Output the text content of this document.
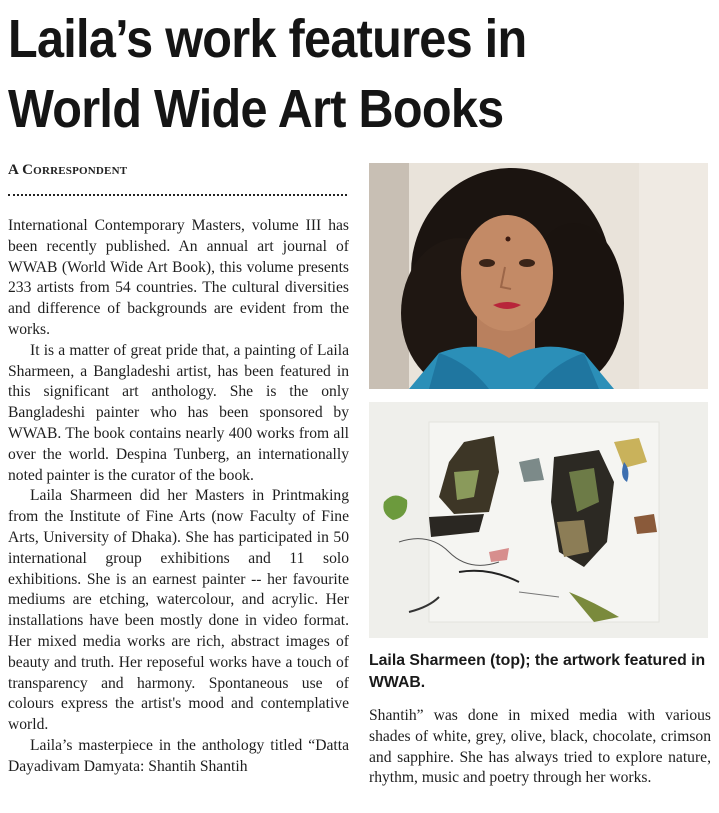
Laila’s work features in World Wide Art Books
A Correspondent

International Contemporary Masters, volume III has been recently published. An annual art journal of WWAB (World Wide Art Book), this volume presents 233 artists from 54 countries. The cultural diversities and difference of backgrounds are evident from the works.

It is a matter of great pride that, a painting of Laila Sharmeen, a Bangladeshi artist, has been featured in this significant art anthology. She is the only Bangladeshi painter who has been sponsored by WWAB. The book contains nearly 400 works from all over the world. Despina Tunberg, an internationally noted painter is the curator of the book.

Laila Sharmeen did her Masters in Printmaking from the Institute of Fine Arts (now Faculty of Fine Arts, University of Dhaka). She has participated in 50 international group exhibitions and 11 solo exhibitions. She is an earnest painter -- her favourite mediums are etching, watercolour, and acrylic. Her installations have been mostly done in video format. Her mixed media works are rich, abstract images of beauty and truth. Her reposeful works have a touch of transparency and harmony. Spontaneous use of colours express the artist's mood and contemplative world.

Laila’s masterpiece in the anthology titled “Datta Dayadivam Damyata: Shantih Shantih

Laila Sharmeen (top); the artwork featured in WWAB.

Shantih” was done in mixed media with various shades of white, grey, olive, black, chocolate, crimson and sapphire. She has always tried to explore nature, rhythm, music and poetry through her works.
